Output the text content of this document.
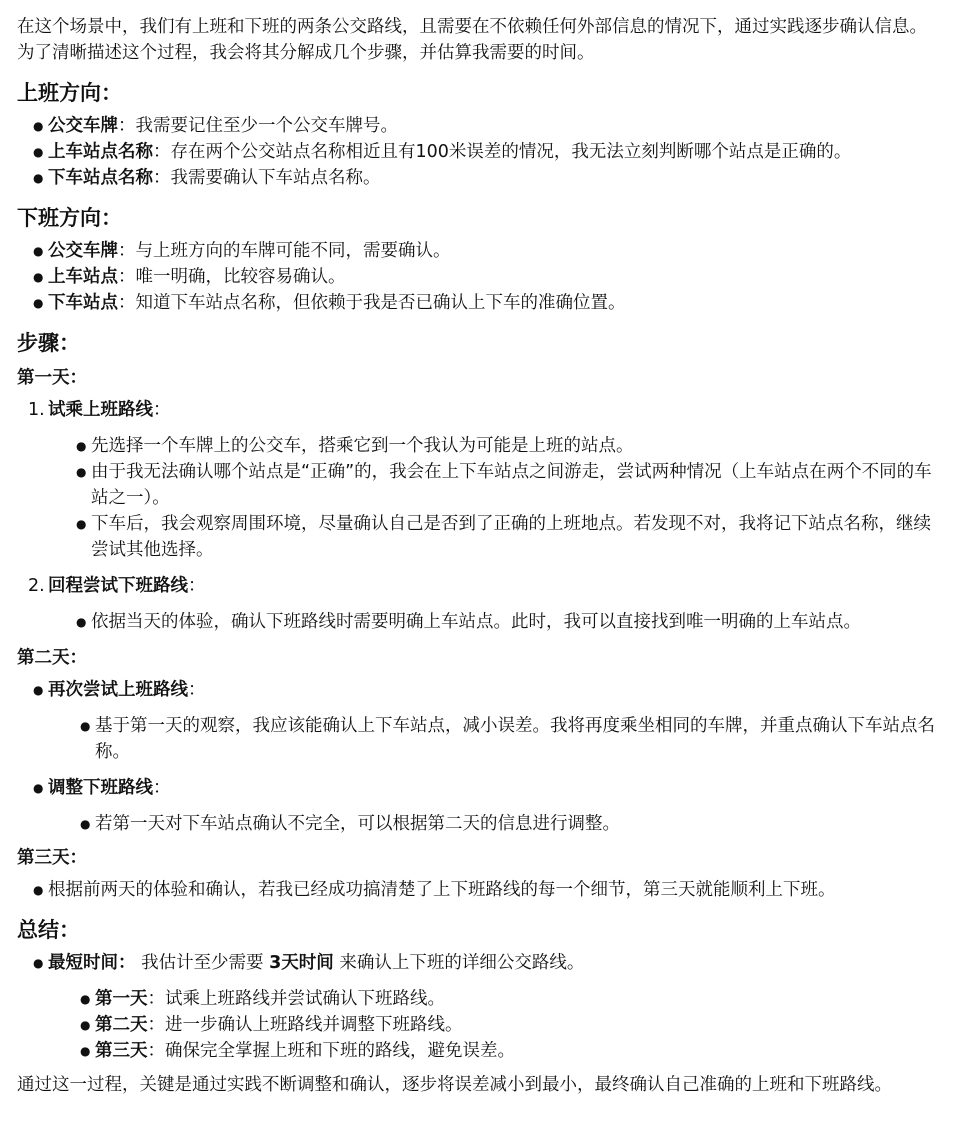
在这个场景中，我们有上班和下班的两条公交路线，且需要在不依赖任何外部信息的情况下，通过实践逐步确认信息。为了清晰描述这个过程，我会将其分解成几个步骤，并估算我需要的时间。

上班方向：
● 公交车牌：我需要记住至少一个公交车牌号。
● 上车站点名称：存在两个公交站点名称相近且有100米误差的情况，我无法立刻判断哪个站点是正确的。
● 下车站点名称：我需要确认下车站点名称。
下班方向：
● 公交车牌：与上班方向的车牌可能不同，需要确认。
● 上车站点：唯一明确，比较容易确认。
● 下车站点：知道下车站点名称，但依赖于我是否已确认上下车的准确位置。
步骤：
第一天：
1. 试乘上班路线：
● 先选择一个车牌上的公交车，搭乘它到一个我认为可能是上班的站点。
● 由于我无法确认哪个站点是“正确”的，我会在上下车站点之间游走，尝试两种情况（上车站点在两个不同的车站之一）。
● 下车后，我会观察周围环境，尽量确认自己是否到了正确的上班地点。若发现不对，我将记下站点名称，继续尝试其他选择。
2. 回程尝试下班路线：
● 依据当天的体验，确认下班路线时需要明确上车站点。此时，我可以直接找到唯一明确的上车站点。
第二天：
● 再次尝试上班路线：
● 基于第一天的观察，我应该能确认上下车站点，减小误差。我将再度乘坐相同的车牌，并重点确认下车站点名称。
● 调整下班路线：
● 若第一天对下车站点确认不完全，可以根据第二天的信息进行调整。
第三天：
● 根据前两天的体验和确认，若我已经成功搞清楚了上下班路线的每一个细节，第三天就能顺利上下班。
总结：
● 最短时间： 我估计至少需要 3天时间 来确认上下班的详细公交路线。
● 第一天：试乘上班路线并尝试确认下班路线。
● 第二天：进一步确认上班路线并调整下班路线。
● 第三天：确保完全掌握上班和下班的路线，避免误差。

通过这一过程，关键是通过实践不断调整和确认，逐步将误差减小到最小，最终确认自己准确的上班和下班路线。
